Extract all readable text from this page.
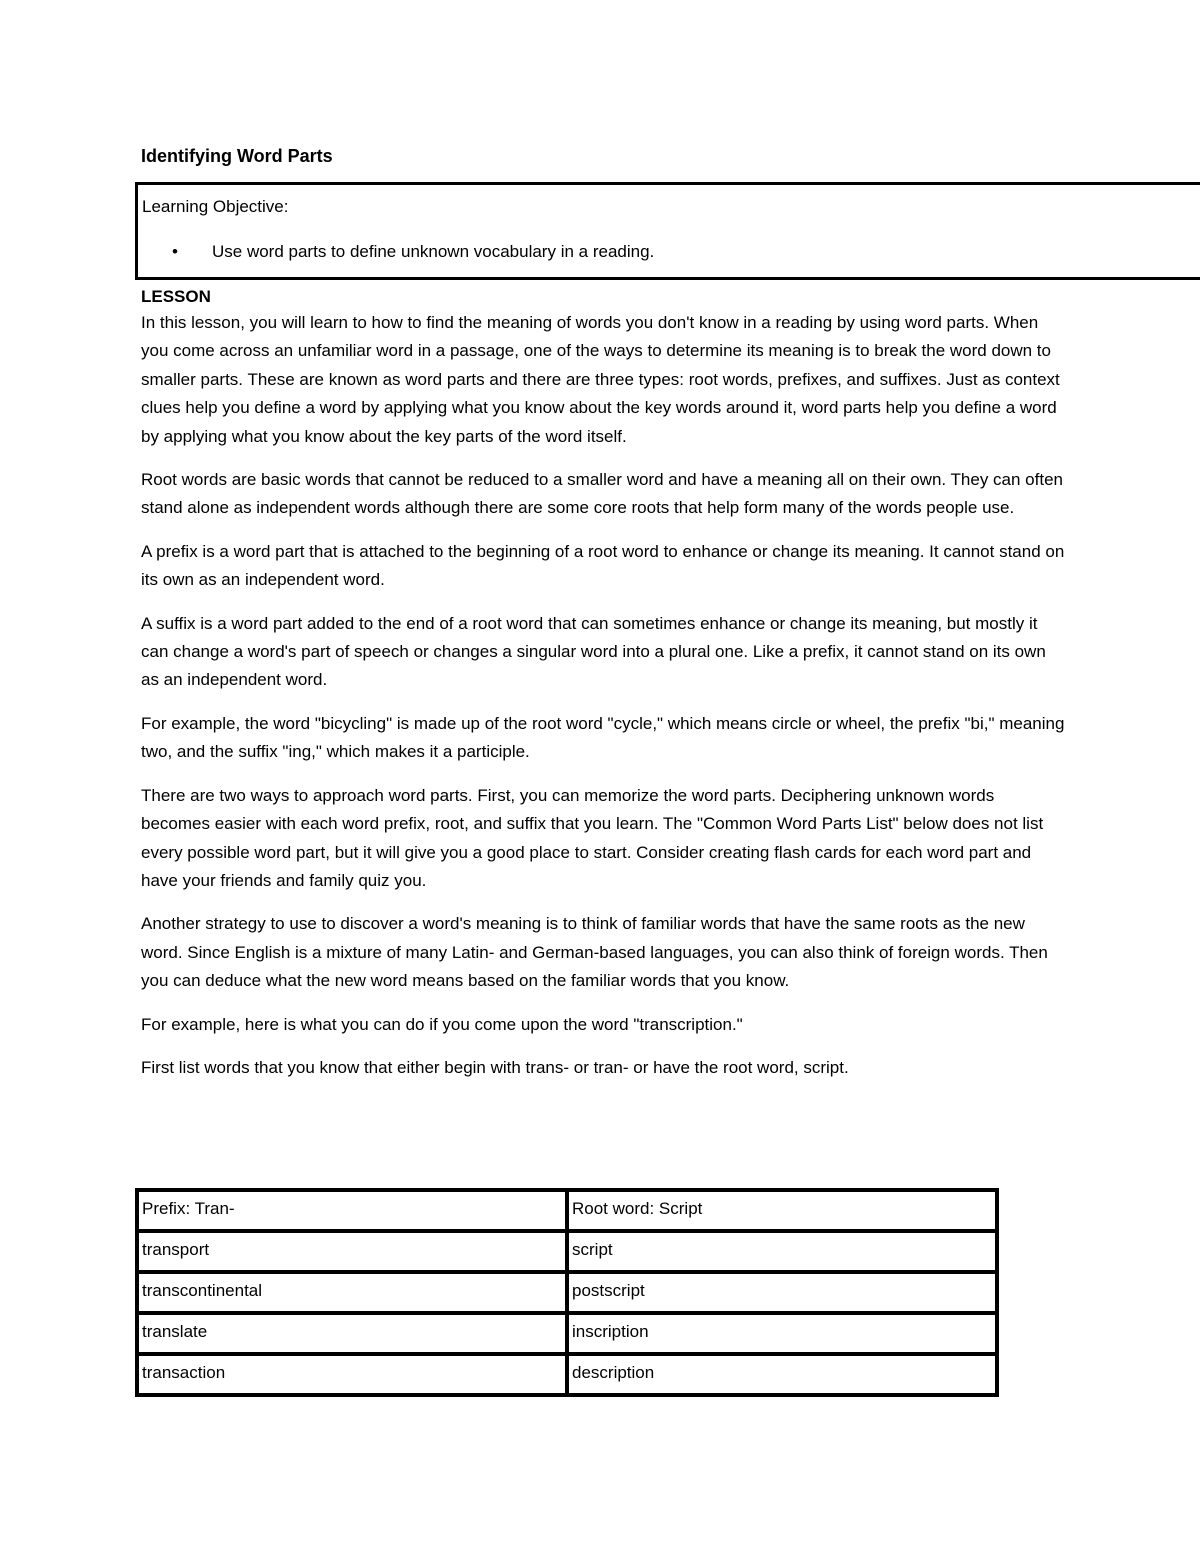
Identifying Word Parts
Learning Objective:
•	Use word parts to define unknown vocabulary in a reading.
LESSON

In this lesson, you will learn to how to find the meaning of words you don't know in a reading by using word parts. When you come across an unfamiliar word in a passage, one of the ways to determine its meaning is to break the word down to smaller parts. These are known as word parts and there are three types: root words, prefixes, and suffixes. Just as context clues help you define a word by applying what you know about the key words around it, word parts help you define a word by applying what you know about the key parts of the word itself.

Root words are basic words that cannot be reduced to a smaller word and have a meaning all on their own. They can often stand alone as independent words although there are some core roots that help form many of the words people use.

A prefix is a word part that is attached to the beginning of a root word to enhance or change its meaning. It cannot stand on its own as an independent word.

A suffix is a word part added to the end of a root word that can sometimes enhance or change its meaning, but mostly it can change a word's part of speech or changes a singular word into a plural one. Like a prefix, it cannot stand on its own as an independent word.

For example, the word "bicycling" is made up of the root word "cycle," which means circle or wheel, the prefix "bi," meaning two, and the suffix "ing," which makes it a participle.

There are two ways to approach word parts. First, you can memorize the word parts. Deciphering unknown words becomes easier with each word prefix, root, and suffix that you learn. The "Common Word Parts List" below does not list every possible word part, but it will give you a good place to start. Consider creating flash cards for each word part and have your friends and family quiz you.

Another strategy to use to discover a word's meaning is to think of familiar words that have the same roots as the new word. Since English is a mixture of many Latin- and German-based languages, you can also think of foreign words. Then you can deduce what the new word means based on the familiar words that you know.

For example, here is what you can do if you come upon the word "transcription."

First list words that you know that either begin with trans- or tran- or have the root word, script.

Prefix: Tran-	Root word: Script
transport	script
transcontinental	postscript
translate	inscription
transaction	description
